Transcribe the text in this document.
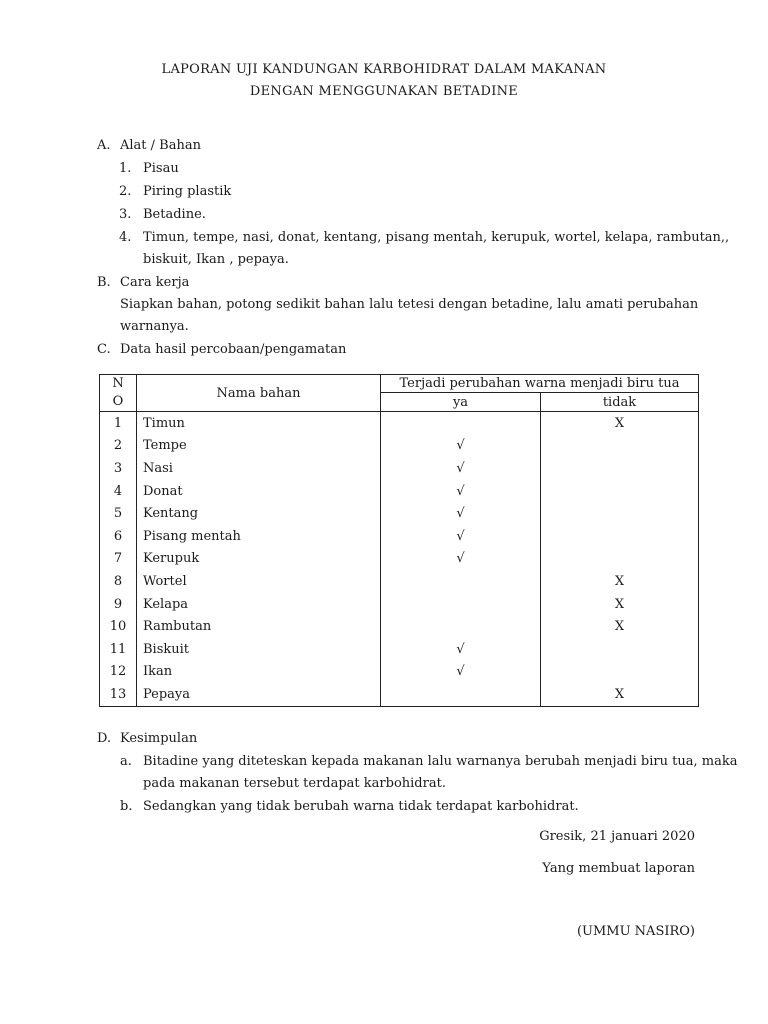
LAPORAN UJI KANDUNGAN KARBOHIDRAT DALAM MAKANAN
DENGAN MENGGUNAKAN BETADINE
A. Alat / Bahan
1. Pisau
2. Piring plastik
3. Betadine.
4. Timun, tempe, nasi, donat, kentang, pisang mentah, kerupuk, wortel, kelapa, rambutan,,
biskuit, Ikan , pepaya.
B. Cara kerja
Siapkan bahan, potong sedikit bahan lalu tetesi dengan betadine, lalu amati perubahan
warnanya.
C. Data hasil percobaan/pengamatan
N
O	Nama bahan	Terjadi perubahan warna menjadi biru tua	
		ya	tidak
1	Timun		X
2	Tempe	√	
3	Nasi	√	
4	Donat	√	
5	Kentang	√	
6	Pisang mentah	√	
7	Kerupuk	√	
8	Wortel		X
9	Kelapa		X
10	Rambutan		X
11	Biskuit	√	
12	Ikan	√	
13	Pepaya		X
D. Kesimpulan
a. Bitadine yang diteteskan kepada makanan lalu warnanya berubah menjadi biru tua, maka
pada makanan tersebut terdapat karbohidrat.
b. Sedangkan yang tidak berubah warna tidak terdapat karbohidrat.
Gresik, 21 januari 2020
Yang membuat laporan
(UMMU NASIRO)
